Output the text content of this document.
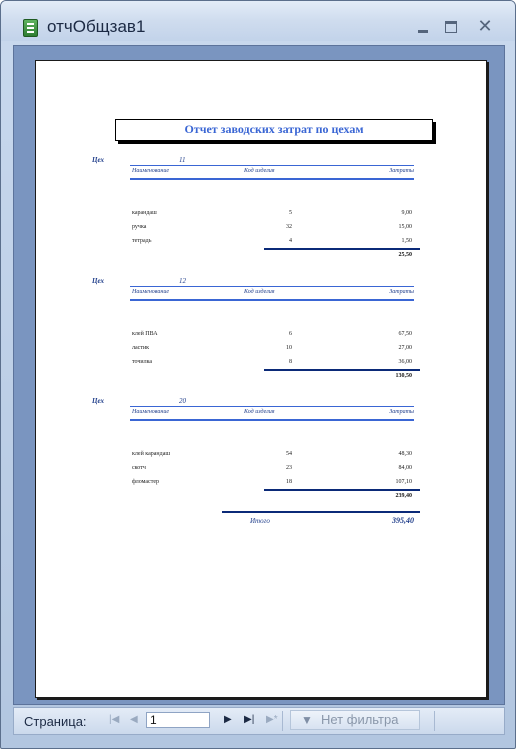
отчОбщзав1	✕
Отчет заводских затрат по цехам
Цех	11
Наименование	Код изделия	Затраты
карандаш	5	9,00
ручка	32	15,00
тетрадь	4	1,50
25,50
Цех	12
Наименование	Код изделия	Затраты
клей ПВА	6	67,50
ластик	10	27,00
точилка	8	36,00
130,50
Цех	20
Наименование	Код изделия	Затраты
клей карандаш	54	48,30
скотч	23	84,00
фломастер	18	107,10
239,40
Итого	395,40
Страница: |◀ ◀	1	▶ ▶| ▶* ▼ Нет фильтра
